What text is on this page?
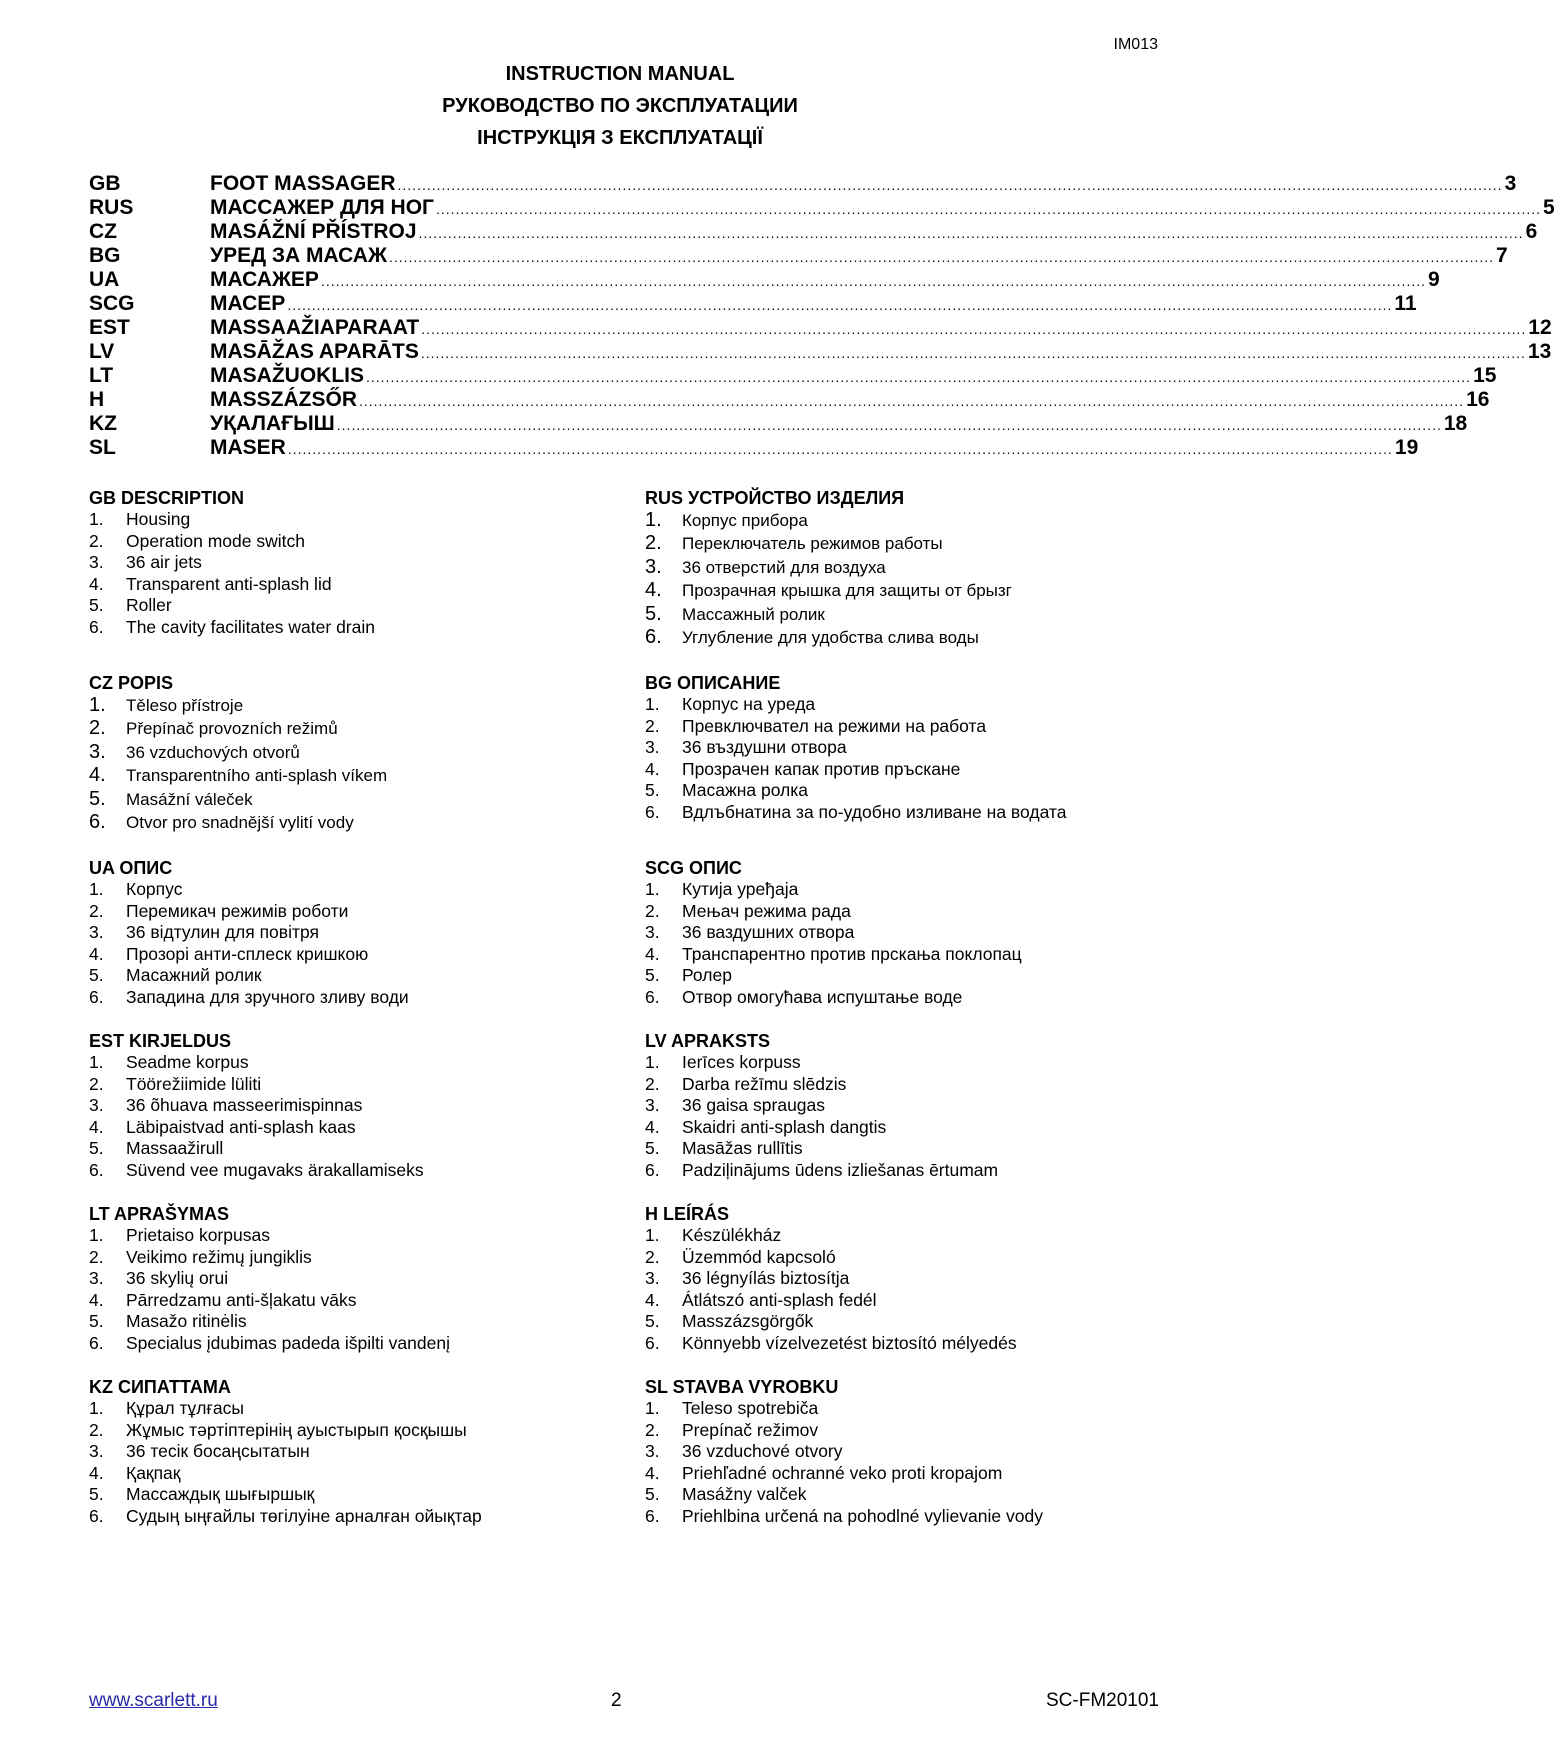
IM013
INSTRUCTION MANUAL
РУКОВОДСТВО ПО ЭКСПЛУАТАЦИИ
ІНСТРУКЦІЯ З ЕКСПЛУАТАЦІЇ
GB	FOOT MASSAGER .................................................................................................................................................................................................................................. 3
RUS	МАССАЖЕР ДЛЯ НОГ .................................................................................................................................................................................................................................. 5
CZ	MASÁŽNÍ PŘÍSTROJ .................................................................................................................................................................................................................................. 6
BG	УРЕД ЗА МАСАЖ .................................................................................................................................................................................................................................. 7
UA	МАСАЖЕР .................................................................................................................................................................................................................................. 9
SCG	МАСЕР .................................................................................................................................................................................................................................. 11
EST	MASSAAŽIAPARAAT .................................................................................................................................................................................................................................. 12
LV	MASĀŽAS APARĀTS .................................................................................................................................................................................................................................. 13
LT	MASAŽUOKLIS .................................................................................................................................................................................................................................. 15
H	MASSZÁZSŐR .................................................................................................................................................................................................................................. 16
KZ	УҚАЛАҒЫШ .................................................................................................................................................................................................................................. 18
SL	MASER .................................................................................................................................................................................................................................. 19
GB DESCRIPTION
1.	Housing
2.	Operation mode switch
3.	36 air jets
4.	Transparent anti-splash lid
5.	Roller
6.	The cavity facilitates water drain
RUS УСТРОЙСТВО ИЗДЕЛИЯ
1.	Корпус прибора
2.	Переключатель режимов работы
3.	36 отверстий для воздуха
4.	Прозрачная крышка для защиты от брызг
5.	Массажный ролик
6.	Углубление для удобства слива воды
CZ POPIS
1.	Těleso přístroje
2.	Přepínač provozních režimů
3.	36 vzduchových otvorů
4.	Transparentního anti-splash víkem
5.	Masážní váleček
6.	Otvor pro snadnější vylití vody
BG ОПИСАНИЕ
1.	Корпус на уреда
2.	Превключвател на режими на работа
3.	36 въздушни отвора
4.	Прозрачен капак против пръскане
5.	Масажна ролка
6.	Вдлъбнатина за по-удобно изливане на водата
UA ОПИС
1.	Корпус
2.	Перемикач режимів роботи
3.	36 відтулин для повітря
4.	Прозорі анти-сплеск кришкою
5.	Масажний ролик
6.	Западина для зручного зливу води
SCG ОПИС
1.	Кутија уређаја
2.	Мењач режима рада
3.	36 ваздушних отвора
4.	Транспарентно против прскања поклопац
5.	Ролер
6.	Отвор омогућава испуштање воде
EST KIRJELDUS
1.	Seadme korpus
2.	Töörežiimide lüliti
3.	36 õhuava masseerimispinnas
4.	Läbipaistvad anti-splash kaas
5.	Massaažirull
6.	Süvend vee mugavaks ärakallamiseks
LV APRAKSTS
1.	Ierīces korpuss
2.	Darba režīmu slēdzis
3.	36 gaisa spraugas
4.	Skaidri anti-splash dangtis
5.	Masāžas rullītis
6.	Padziļinājums ūdens izliešanas ērtumam
LT APRAŠYMAS
1.	Prietaiso korpusas
2.	Veikimo režimų jungiklis
3.	36 skylių orui
4.	Pārredzamu anti-šļakatu vāks
5.	Masažo ritinėlis
6.	Specialus įdubimas padeda išpilti vandenį
H LEÍRÁS
1.	Készülékház
2.	Üzemmód kapcsoló
3.	36 légnyílás biztosítja
4.	Átlátszó anti-splash fedél
5.	Masszázsgörgők
6.	Könnyebb vízelvezetést biztosító mélyedés
KZ СИПАТТАМА
1.	Құрал тұлғасы
2.	Жұмыс тәртіптерінің ауыстырып қосқышы
3.	36 тесік босаңсытатын
4.	Қақпақ
5.	Массаждық шығыршық
6.	Судың ыңғайлы төгілуіне арналған ойықтар
SL STAVBA VYROBKU
1.	Teleso spotrebiča
2.	Prepínač režimov
3.	36 vzduchové otvory
4.	Priehľadné ochranné veko proti kropajom
5.	Masážny valček
6.	Priehlbina určená na pohodlné vylievanie vody
www.scarlett.ru	2	SC-FM20101
